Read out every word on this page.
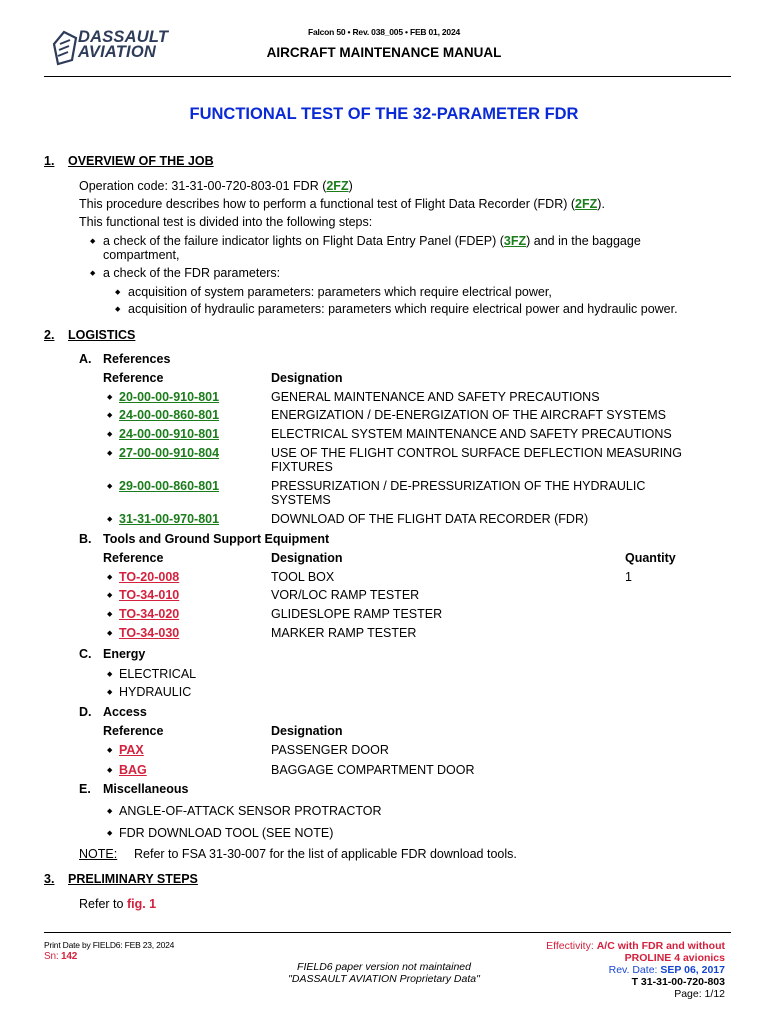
DASSAULT
AVIATION
Falcon 50 • Rev. 038_005 • FEB 01, 2024
AIRCRAFT MAINTENANCE MANUAL
FUNCTIONAL TEST OF THE 32-PARAMETER FDR
1. OVERVIEW OF THE JOB
Operation code: 31-31-00-720-803-01 FDR (2FZ)
This procedure describes how to perform a functional test of Flight Data Recorder (FDR) (2FZ).
This functional test is divided into the following steps:
◆ a check of the failure indicator lights on Flight Data Entry Panel (FDEP) (3FZ) and in the baggage
compartment,
◆ a check of the FDR parameters:
◆ acquisition of system parameters: parameters which require electrical power,
◆ acquisition of hydraulic parameters: parameters which require electrical power and hydraulic power.
2. LOGISTICS
A. References
Reference	Designation
◆ 20-00-00-910-801	GENERAL MAINTENANCE AND SAFETY PRECAUTIONS
◆ 24-00-00-860-801	ENERGIZATION / DE-ENERGIZATION OF THE AIRCRAFT SYSTEMS
◆ 24-00-00-910-801	ELECTRICAL SYSTEM MAINTENANCE AND SAFETY PRECAUTIONS
◆ 27-00-00-910-804	USE OF THE FLIGHT CONTROL SURFACE DEFLECTION MEASURING
FIXTURES
◆ 29-00-00-860-801	PRESSURIZATION / DE-PRESSURIZATION OF THE HYDRAULIC
SYSTEMS
◆ 31-31-00-970-801	DOWNLOAD OF THE FLIGHT DATA RECORDER (FDR)
B. Tools and Ground Support Equipment
Reference	Designation	Quantity
◆ TO-20-008	TOOL BOX	1
◆ TO-34-010	VOR/LOC RAMP TESTER
◆ TO-34-020	GLIDESLOPE RAMP TESTER
◆ TO-34-030	MARKER RAMP TESTER
C. Energy
◆ ELECTRICAL
◆ HYDRAULIC
D. Access
Reference	Designation
◆ PAX	PASSENGER DOOR
◆ BAG	BAGGAGE COMPARTMENT DOOR
E. Miscellaneous
◆ ANGLE-OF-ATTACK SENSOR PROTRACTOR
◆ FDR DOWNLOAD TOOL (SEE NOTE)
NOTE: Refer to FSA 31-30-007 for the list of applicable FDR download tools.
3. PRELIMINARY STEPS
Refer to fig. 1
Print Date by FIELD6: FEB 23, 2024
Sn: 142
FIELD6 paper version not maintained
"DASSAULT AVIATION Proprietary Data"
Effectivity: A/C with FDR and without
PROLINE 4 avionics
Rev. Date: SEP 06, 2017
T 31-31-00-720-803
Page: 1/12
